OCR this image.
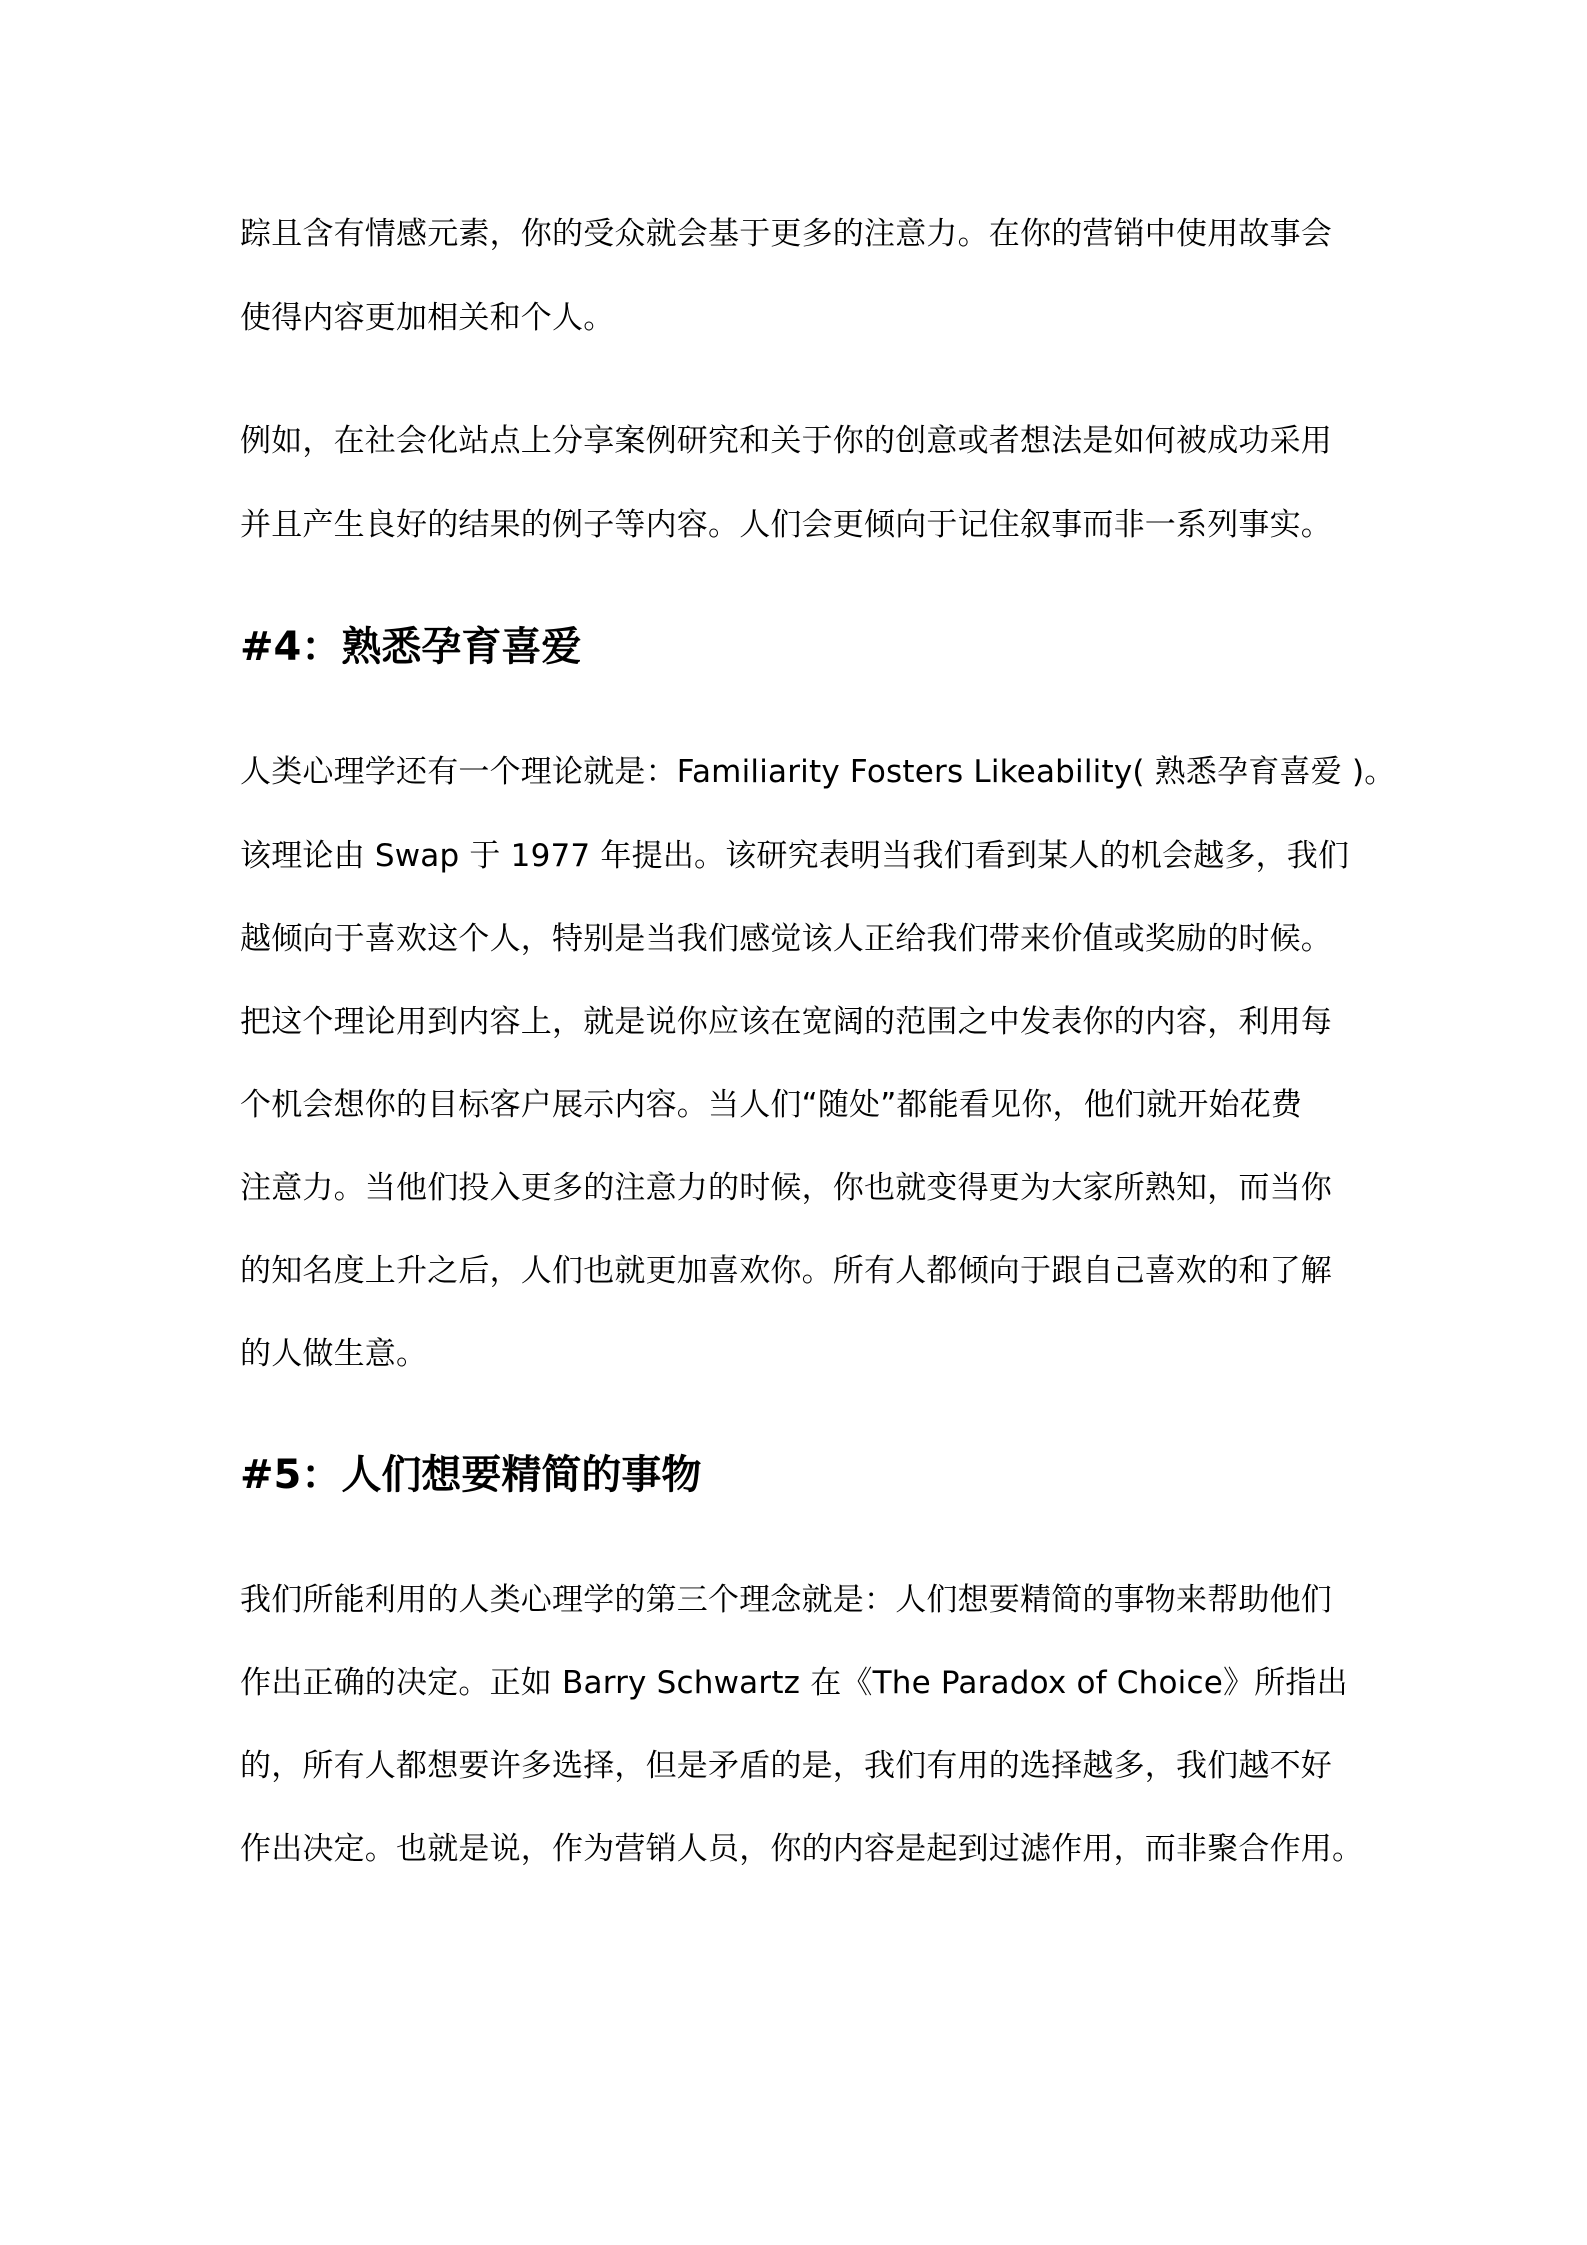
踪且含有情感元素，你的受众就会基于更多的注意力。在你的营销中使用故事会
使得内容更加相关和个人。
例如，在社会化站点上分享案例研究和关于你的创意或者想法是如何被成功采用
并且产生良好的结果的例子等内容。人们会更倾向于记住叙事而非一系列事实。
#4：熟悉孕育喜爱
人类心理学还有一个理论就是：Familiarity Fosters Likeability( 熟悉孕育喜爱 )。
该理论由 Swap 于 1977 年提出。该研究表明当我们看到某人的机会越多，我们
越倾向于喜欢这个人，特别是当我们感觉该人正给我们带来价值或奖励的时候。
把这个理论用到内容上，就是说你应该在宽阔的范围之中发表你的内容，利用每
个机会想你的目标客户展示内容。当人们“随处”都能看见你，他们就开始花费
注意力。当他们投入更多的注意力的时候，你也就变得更为大家所熟知，而当你
的知名度上升之后，人们也就更加喜欢你。所有人都倾向于跟自己喜欢的和了解
的人做生意。
#5：人们想要精简的事物
我们所能利用的人类心理学的第三个理念就是：人们想要精简的事物来帮助他们
作出正确的决定。正如 Barry Schwartz 在《The Paradox of Choice》所指出
的，所有人都想要许多选择，但是矛盾的是，我们有用的选择越多，我们越不好
作出决定。也就是说，作为营销人员，你的内容是起到过滤作用，而非聚合作用。
